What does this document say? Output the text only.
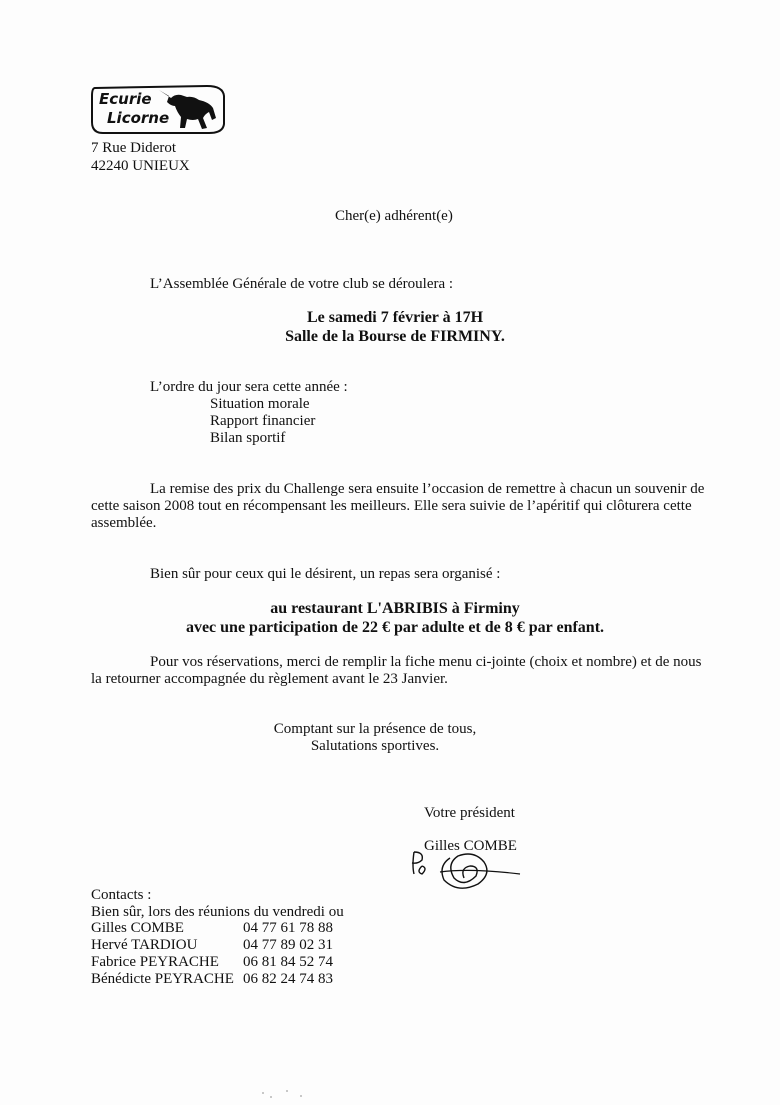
Ecurie
Licorne
7 Rue Diderot
42240 UNIEUX
Cher(e) adhérent(e)
L’Assemblée Générale de votre club se déroulera :
Le samedi 7 février à 17H
Salle de la Bourse de FIRMINY.
L’ordre du jour sera cette année :
Situation morale
Rapport financier
Bilan sportif
La remise des prix du Challenge sera ensuite l’occasion de remettre à chacun un souvenir de
cette saison 2008 tout en récompensant les meilleurs. Elle sera suivie de l’apéritif qui clôturera cette
assemblée.
Bien sûr pour ceux qui le désirent, un repas sera organisé :
au restaurant L'ABRIBIS à Firminy
avec une participation de 22 € par adulte et de 8 € par enfant.
Pour vos réservations, merci de remplir la fiche menu ci-jointe (choix et nombre) et de nous
la retourner accompagnée du règlement avant le 23 Janvier.
Comptant sur la présence de tous,
Salutations sportives.
Votre président
Gilles COMBE
Contacts :
Bien sûr, lors des réunions du vendredi ou
Gilles COMBE	04 77 61 78 88
Hervé TARDIOU	04 77 89 02 31
Fabrice PEYRACHE 06 81 84 52 74
Bénédicte PEYRACHE 06 82 24 74 83
